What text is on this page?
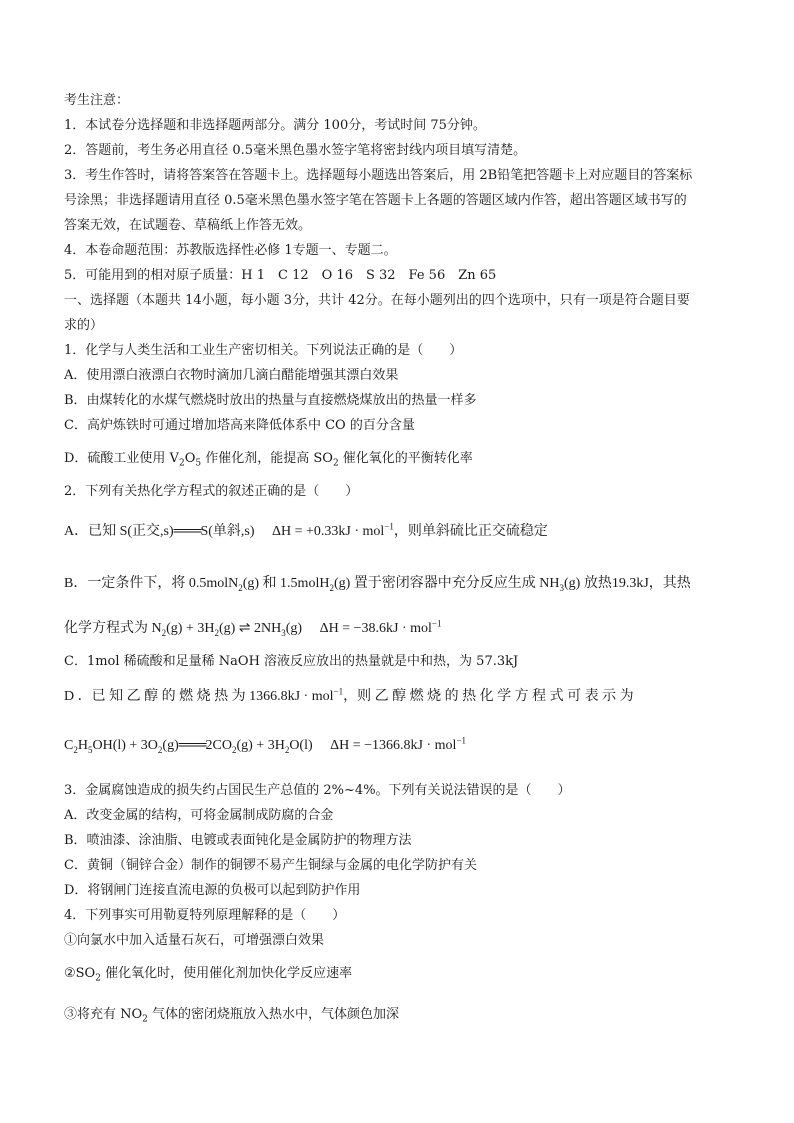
考生注意：
1．本试卷分选择题和非选择题两部分。满分 100分，考试时间 75分钟。
2．答题前，考生务必用直径 0.5毫米黑色墨水签字笔将密封线内项目填写清楚。
3．考生作答时，请将答案答在答题卡上。选择题每小题选出答案后，用 2B铅笔把答题卡上对应题目的答案标
号涂黑；非选择题请用直径 0.5毫米黑色墨水签字笔在答题卡上各题的答题区域内作答，超出答题区域书写的
答案无效，在试题卷、草稿纸上作答无效。
4．本卷命题范围：苏教版选择性必修 1专题一、专题二。
5．可能用到的相对原子质量：H 1　C 12　O 16　S 32　Fe 56　Zn 65
一、选择题（本题共 14小题，每小题 3分，共计 42分。在每小题列出的四个选项中，只有一项是符合题目要
求的）
1．化学与人类生活和工业生产密切相关。下列说法正确的是（　　）
A．使用漂白液漂白衣物时滴加几滴白醋能增强其漂白效果
B．由煤转化的水煤气燃烧时放出的热量与直接燃烧煤放出的热量一样多
C．高炉炼铁时可通过增加塔高来降低体系中 CO 的百分含量
D．硫酸工业使用 $V_2O_5$ 作催化剂，能提高 $SO_2$ 催化氧化的平衡转化率
2．下列有关热化学方程式的叙述正确的是（　　）
A．已知 S(正交,s)═══S(单斜,s)　 ΔH = +0.33kJ · mol$^{-1}$，则单斜硫比正交硫稳定
B．一定条件下，将 0.5molN$_2$(g) 和 1.5molH$_2$(g) 置于密闭容器中充分反应生成 $NH_3(g)$ 放热19.3kJ，其热
化学方程式为 $N_2(g) + 3H_2(g)$ ⇌ $2NH_3(g)$　 ΔH = −38.6kJ · mol$^{-1}$
C．1mol 稀硫酸和足量稀 NaOH 溶液反应放出的热量就是中和热，为 57.3kJ
D ．已 知 乙 醇 的 燃 烧 热 为 1366.8kJ · mol$^{-1}$，则 乙 醇 燃 烧 的 热 化 学 方 程 式 可 表 示 为
$C_2H_5OH(l)$ + $3O_2(g)═══2CO_2(g) + 3H_2O(l)$　 ΔH = −1366.8kJ · mol$^{-1}$
3．金属腐蚀造成的损失约占国民生产总值的 2%~4%。下列有关说法错误的是（　　）
A．改变金属的结构，可将金属制成防腐的合金
B．喷油漆、涂油脂、电镀或表面钝化是金属防护的物理方法
C．黄铜（铜锌合金）制作的铜锣不易产生铜绿与金属的电化学防护有关
D．将钢闸门连接直流电源的负极可以起到防护作用
4．下列事实可用勒夏特列原理解释的是（　　）
①向氯水中加入适量石灰石，可增强漂白效果
$②SO_2$ 催化氧化时，使用催化剂加快化学反应速率
③将充有 $NO_2$ 气体的密闭烧瓶放入热水中，气体颜色加深
